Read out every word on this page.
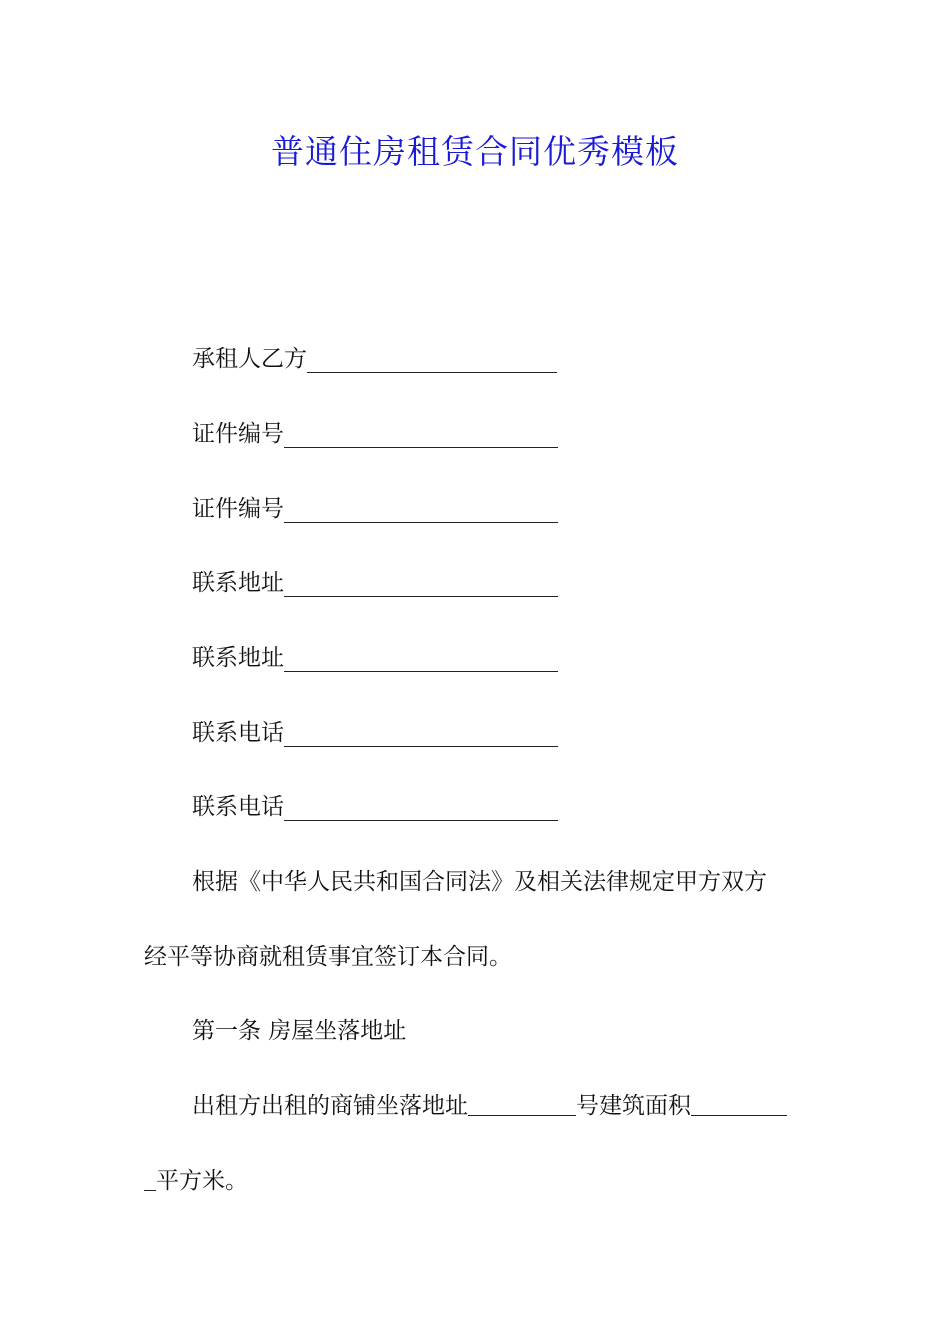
普通住房租赁合同优秀模板
承租人乙方
证件编号
证件编号
联系地址
联系地址
联系电话
联系电话
根据《中华人民共和国合同法》及相关法律规定甲方双方
经平等协商就租赁事宜签订本合同。
第一条 房屋坐落地址
出租方出租的商铺坐落地址	号建筑面积
平方米。
